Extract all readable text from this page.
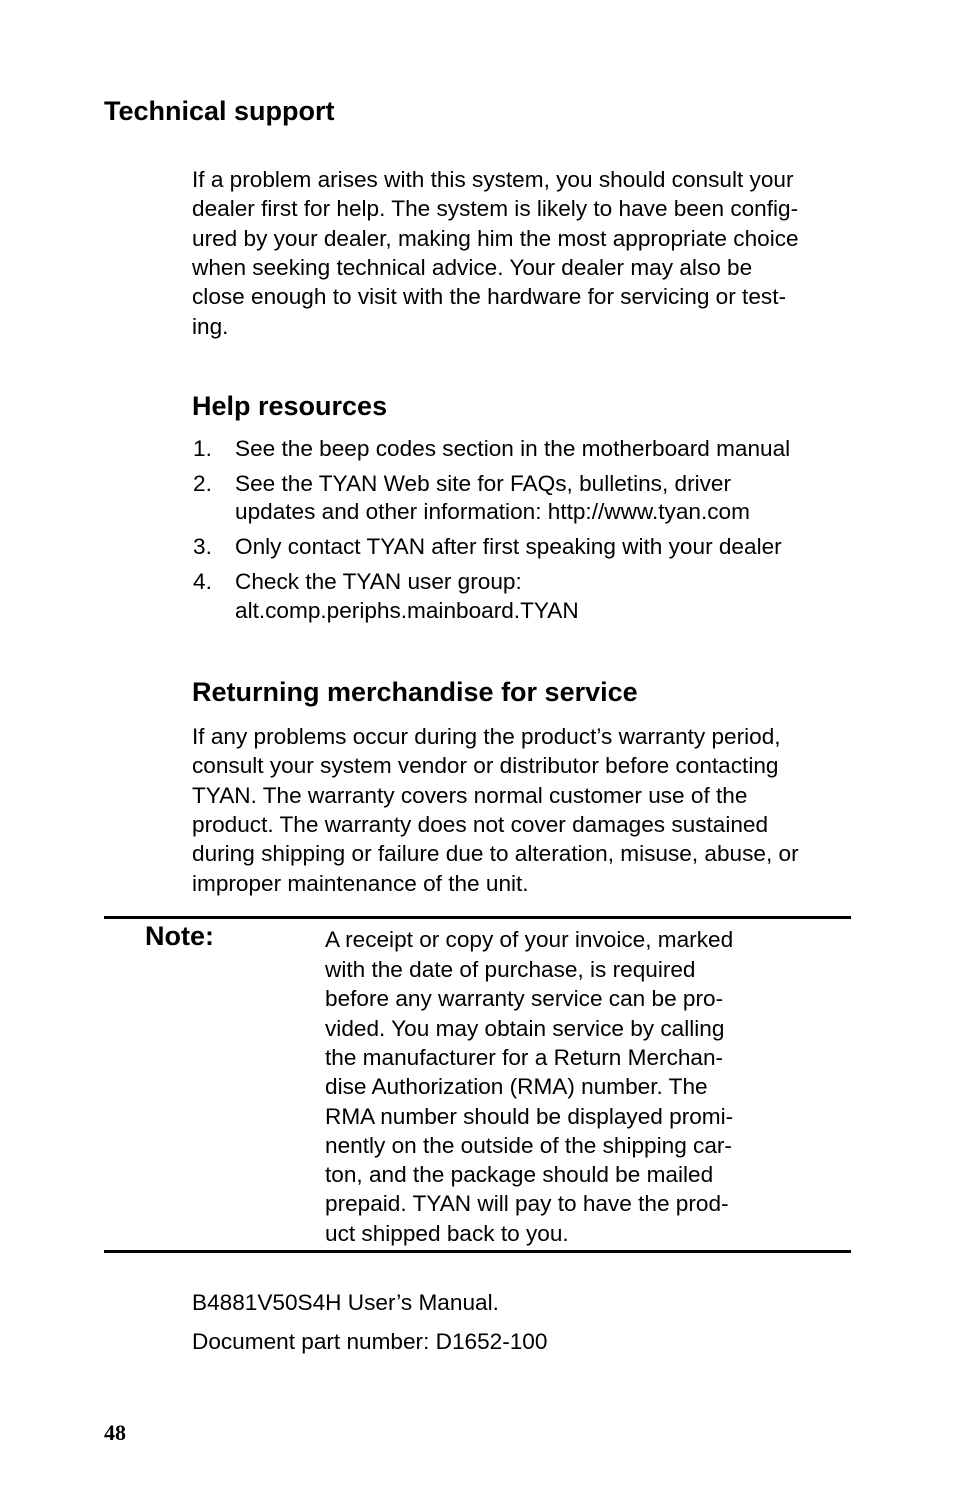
Technical support
If a problem arises with this system, you should consult your
dealer first for help. The system is likely to have been config-
ured by your dealer, making him the most appropriate choice
when seeking technical advice. Your dealer may also be
close enough to visit with the hardware for servicing or test-
ing.
Help resources
1. See the beep codes section in the motherboard manual
2. See the TYAN Web site for FAQs, bulletins, driver
updates and other information: http://www.tyan.com
3. Only contact TYAN after first speaking with your dealer
4. Check the TYAN user group:
alt.comp.periphs.mainboard.TYAN
Returning merchandise for service
If any problems occur during the product’s warranty period,
consult your system vendor or distributor before contacting
TYAN. The warranty covers normal customer use of the
product. The warranty does not cover damages sustained
during shipping or failure due to alteration, misuse, abuse, or
improper maintenance of the unit.
Note:	A receipt or copy of your invoice, marked
with the date of purchase, is required
before any warranty service can be pro-
vided. You may obtain service by calling
the manufacturer for a Return Merchan-
dise Authorization (RMA) number. The
RMA number should be displayed promi-
nently on the outside of the shipping car-
ton, and the package should be mailed
prepaid. TYAN will pay to have the prod-
uct shipped back to you.
B4881V50S4H User’s Manual.
Document part number: D1652-100
48
